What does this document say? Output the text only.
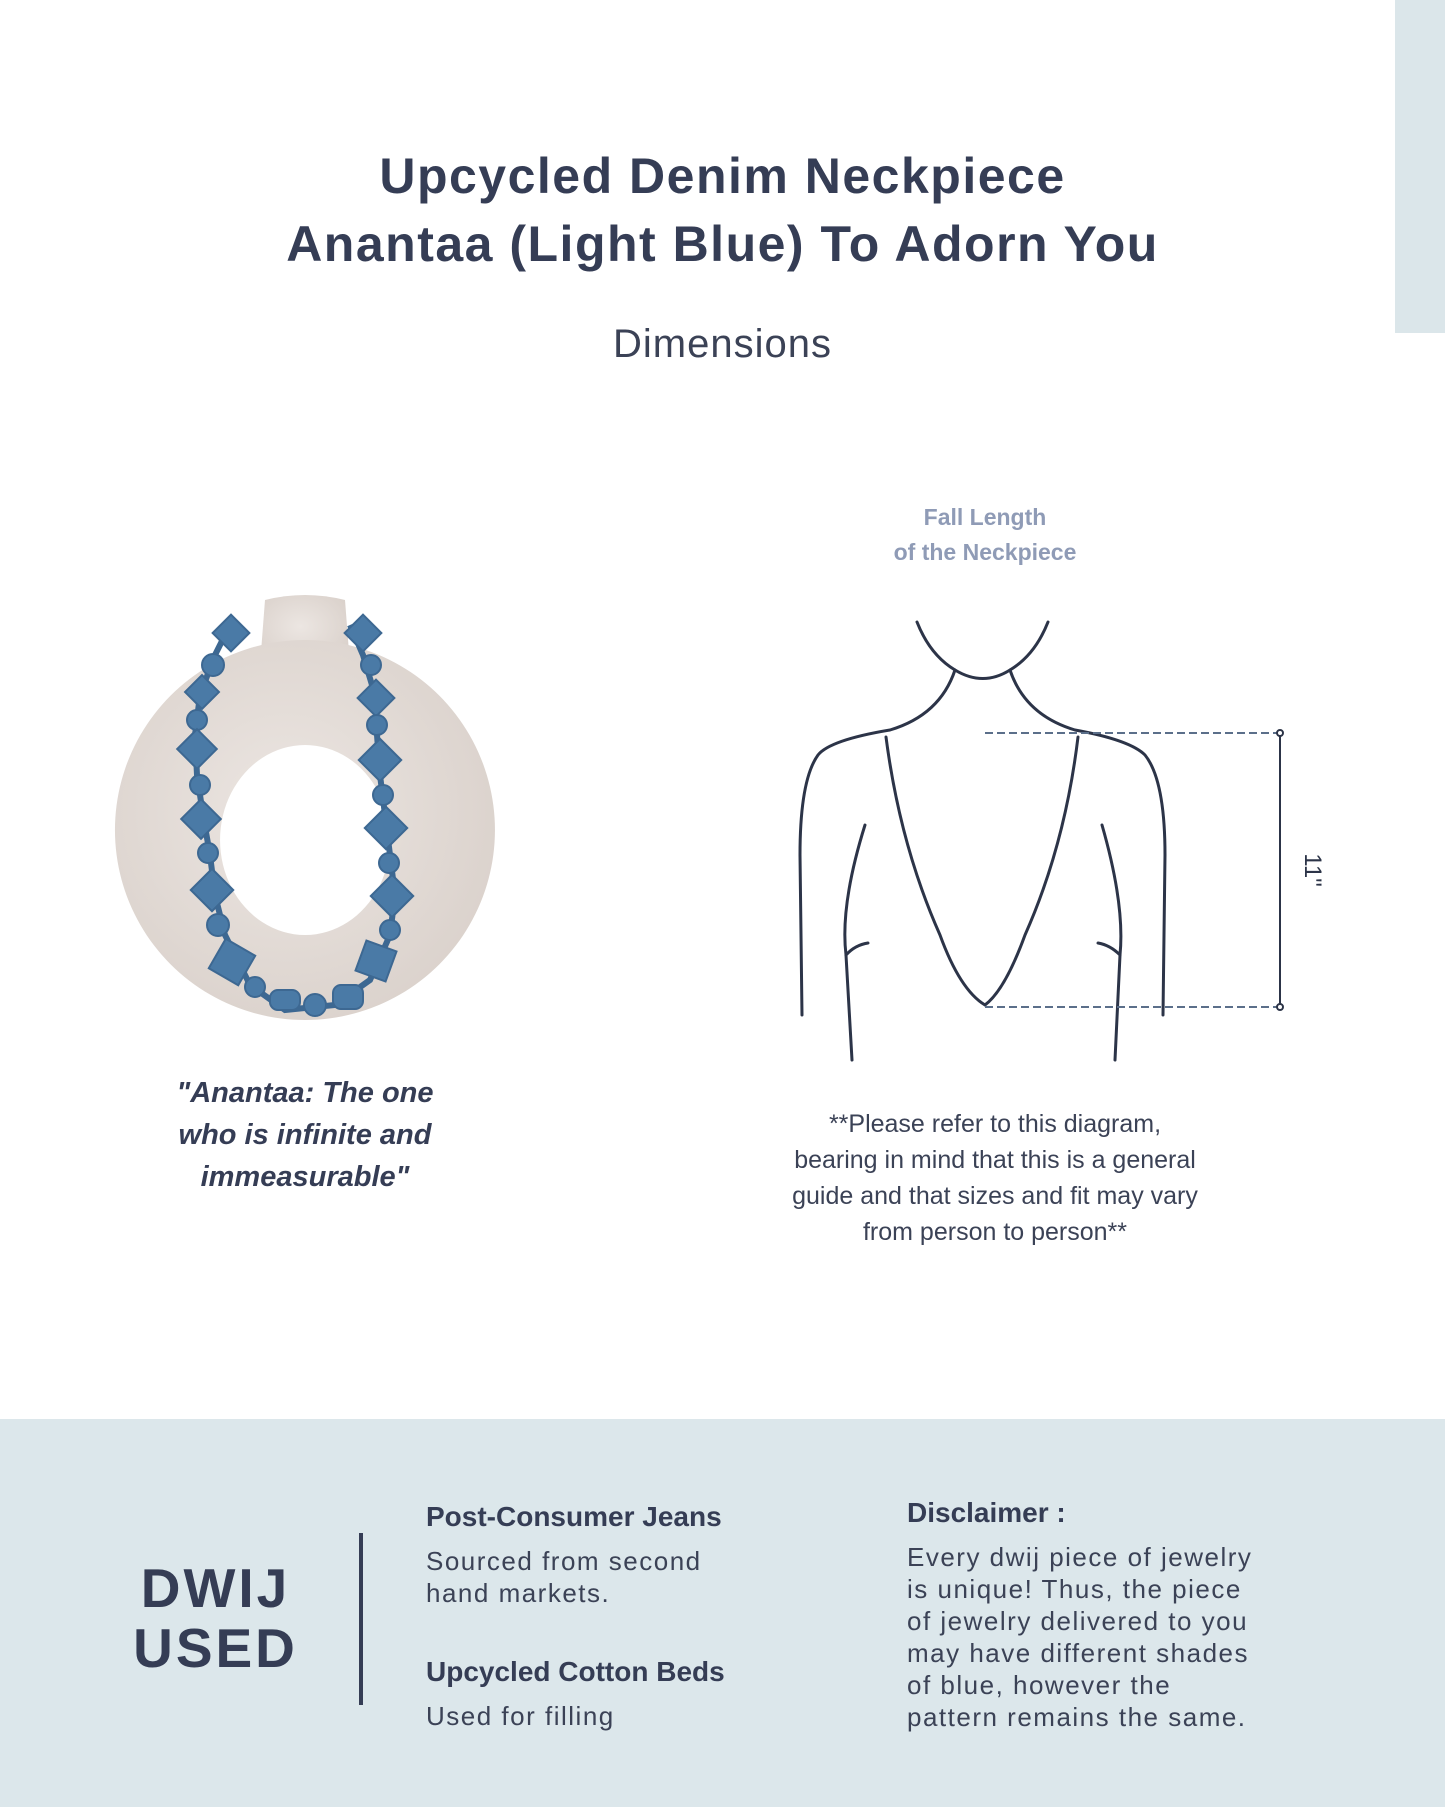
Upcycled Denim Neckpiece
Anantaa (Light Blue) To Adorn You
Dimensions
"Anantaa: The one
who is infinite and
immeasurable"
Fall Length
of the Neckpiece
11"
**Please refer to this diagram,
bearing in mind that this is a general
guide and that sizes and fit may vary
from person to person**
DWIJ
USED
Post-Consumer Jeans
Sourced from second
hand markets.
Upcycled Cotton Beds
Used for filling
Disclaimer :
Every dwij piece of jewelry
is unique! Thus, the piece
of jewelry delivered to you
may have different shades
of blue, however the
pattern remains the same.
